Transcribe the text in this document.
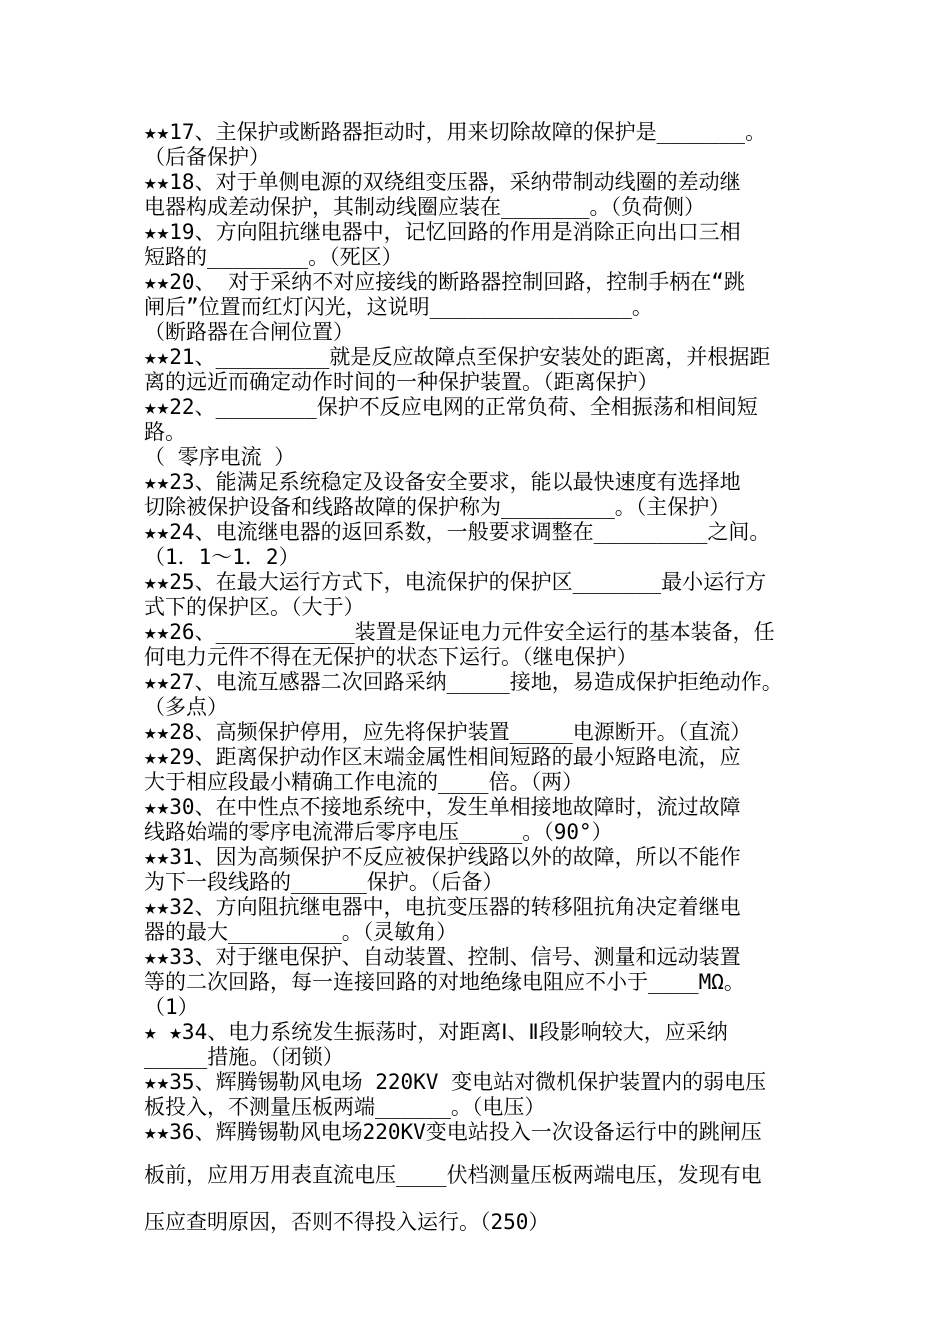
★★17、主保护或断路器拒动时，用来切除故障的保护是_______。
（后备保护）
★★18、对于单侧电源的双绕组变压器，采纳带制动线圈的差动继
电器构成差动保护，其制动线圈应装在_______。（负荷侧）
★★19、方向阻抗继电器中，记忆回路的作用是消除正向出口三相
短路的________。（死区）
★★20、 对于采纳不对应接线的断路器控制回路，控制手柄在“跳
闸后”位置而红灯闪光，这说明________________。
（断路器在合闸位置）
★★21、_________就是反应故障点至保护安装处的距离，并根据距
离的远近而确定动作时间的一种保护装置。（距离保护）
★★22、________保护不反应电网的正常负荷、全相振荡和相间短
路。
（ 零序电流 ）
★★23、能满足系统稳定及设备安全要求，能以最快速度有选择地
切除被保护设备和线路故障的保护称为_________。（主保护）
★★24、电流继电器的返回系数，一般要求调整在_________之间。
（1．1～1．2）
★★25、在最大运行方式下，电流保护的保护区_______最小运行方
式下的保护区。（大于）
★★26、___________装置是保证电力元件安全运行的基本装备，任
何电力元件不得在无保护的状态下运行。（继电保护）
★★27、电流互感器二次回路采纳_____接地，易造成保护拒绝动作。
（多点）
★★28、高频保护停用，应先将保护装置_____电源断开。（直流）
★★29、距离保护动作区末端金属性相间短路的最小短路电流，应
大于相应段最小精确工作电流的____倍。（两）
★★30、在中性点不接地系统中，发生单相接地故障时，流过故障
线路始端的零序电流滞后零序电压_____。（90°）
★★31、因为高频保护不反应被保护线路以外的故障，所以不能作
为下一段线路的______保护。（后备）
★★32、方向阻抗继电器中，电抗变压器的转移阻抗角决定着继电
器的最大_________。（灵敏角）
★★33、对于继电保护、自动装置、控制、信号、测量和远动装置
等的二次回路，每一连接回路的对地绝缘电阻应不小于____MΩ。
（1）
★ ★34、电力系统发生振荡时，对距离Ⅰ、Ⅱ段影响较大，应采纳
_____措施。（闭锁）
★★35、辉腾锡勒风电场 220KV 变电站对微机保护装置内的弱电压
板投入，不测量压板两端______。（电压）
★★36、辉腾锡勒风电场220KV变电站投入一次设备运行中的跳闸压
板前，应用万用表直流电压____伏档测量压板两端电压，发现有电
压应查明原因，否则不得投入运行。（250）
